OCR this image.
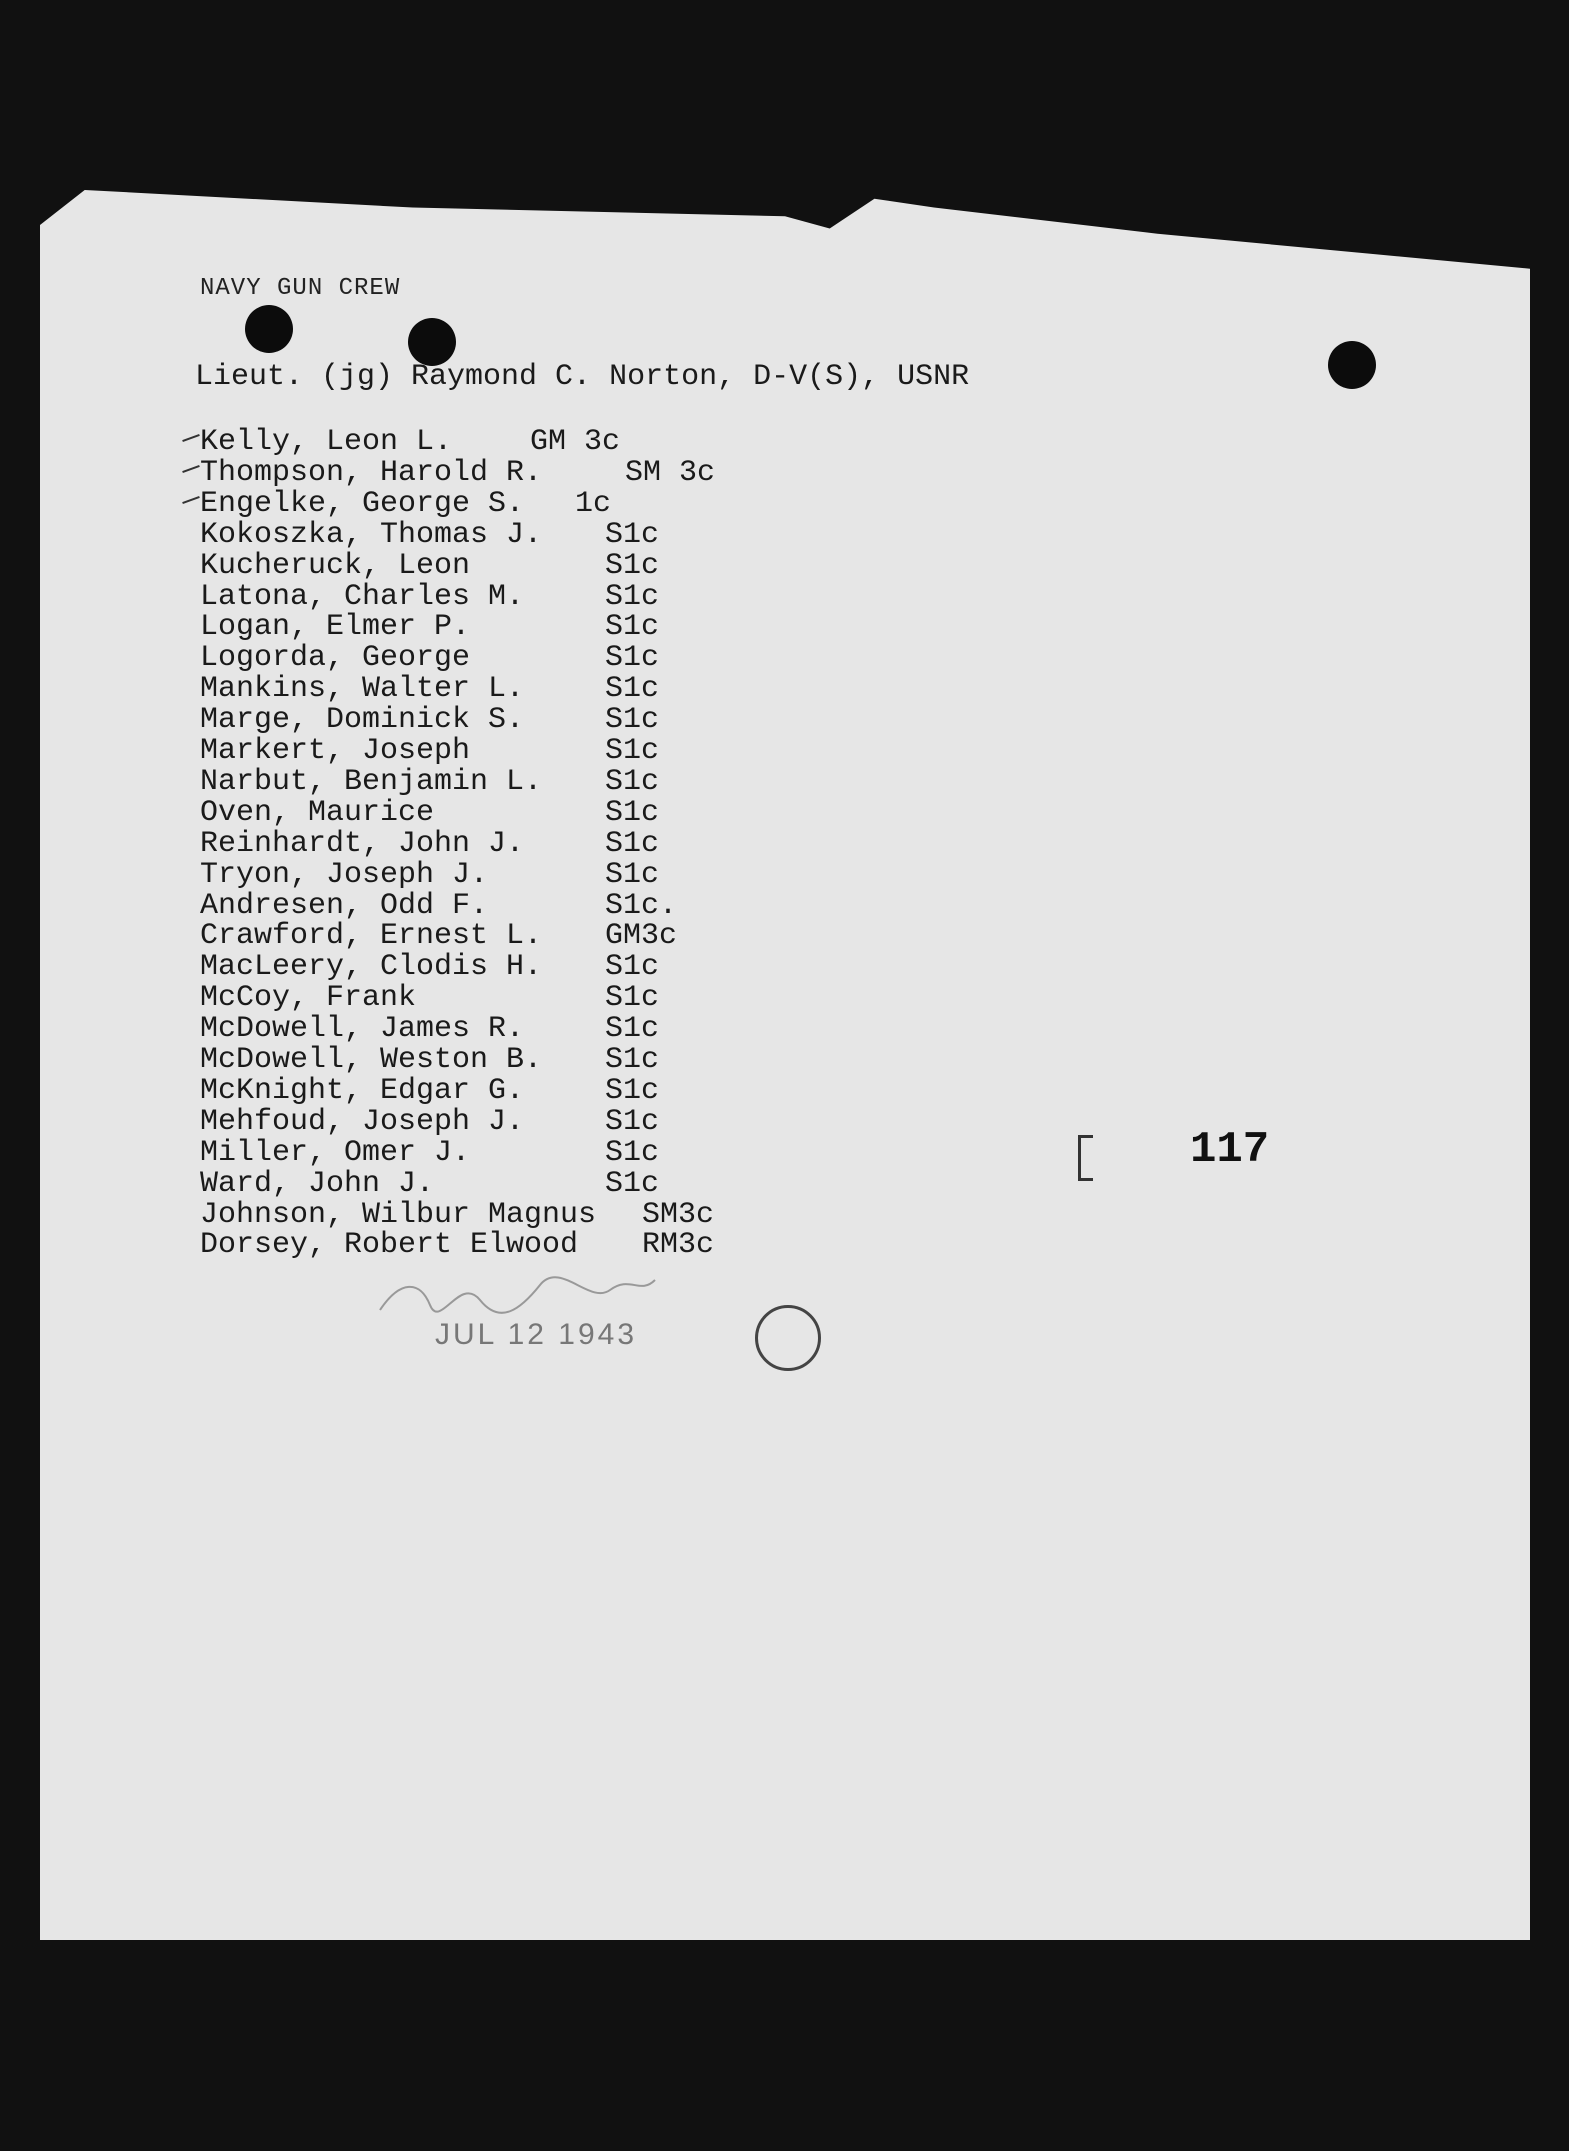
NAVY GUN CREW
Lieut. (jg) Raymond C. Norton, D-V(S), USNR
Kelly, Leon L.	GM 3c
Thompson, Harold R.	SM 3c
Engelke, George S. 1c
Kokoszka, Thomas J. S1c
Kucheruck, Leon	S1c
Latona, Charles M.	S1c
Logan, Elmer P.	S1c
Logorda, George	S1c
Mankins, Walter L.	S1c
Marge, Dominick S.	S1c
Markert, Joseph	S1c
Narbut, Benjamin L. S1c
Oven, Maurice	S1c
Reinhardt, John J.	S1c
Tryon, Joseph J.	S1c
Andresen, Odd F.	S1c.
Crawford, Ernest L. GM3c
MacLeery, Clodis H. S1c
McCoy, Frank	S1c
McDowell, James R.	S1c
McDowell, Weston B. S1c
McKnight, Edgar G.	S1c
Mehfoud, Joseph J.	S1c
Miller, Omer J.	S1c
Ward, John J.	S1c
Johnson, Wilbur Magnus SM3c
Dorsey, Robert Elwood RM3c
117
JUL 12 1943
